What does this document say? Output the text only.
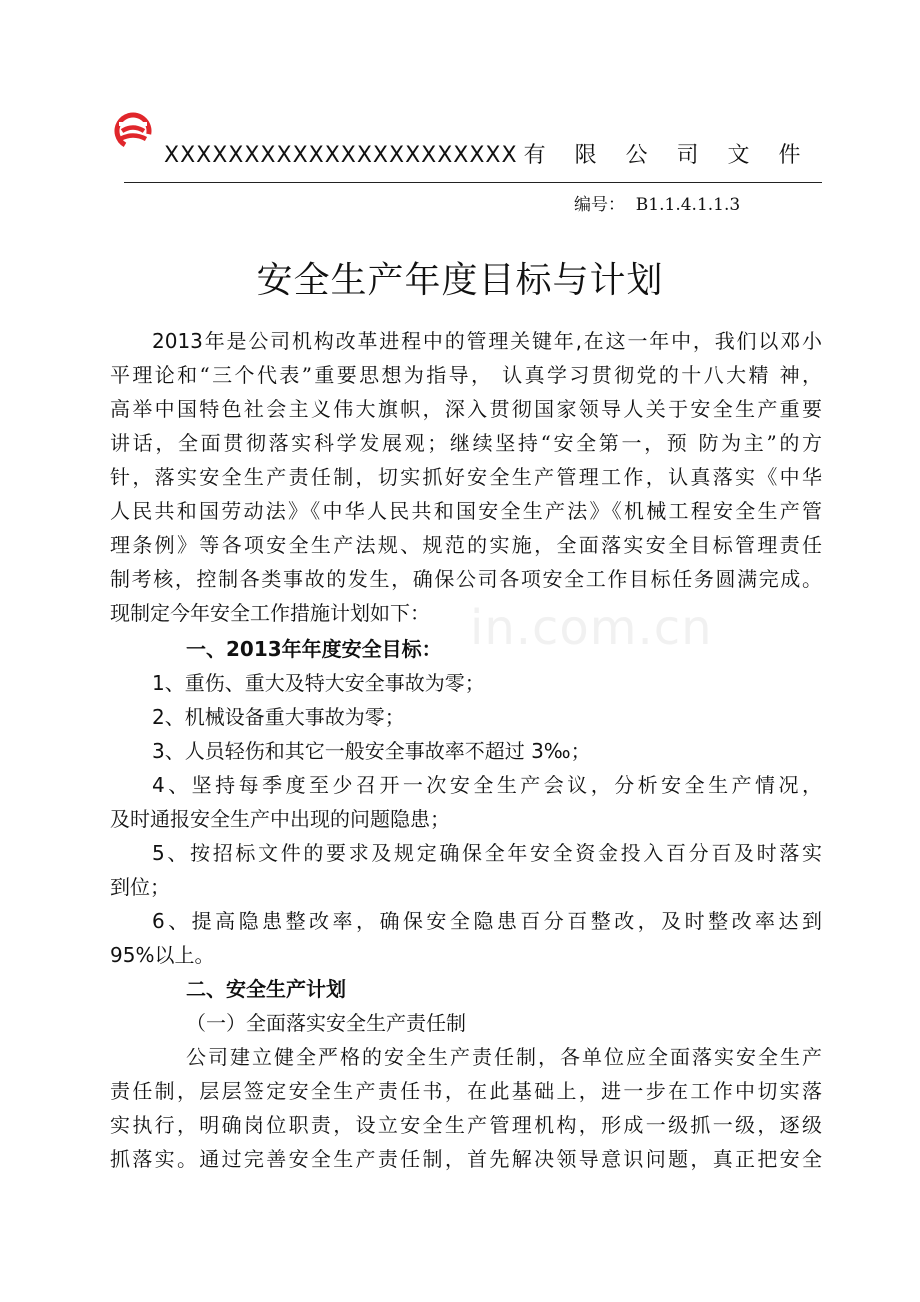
XXXXXXXXXXXXXXXXXXXXXX 有 限 公 司 文 件
编号：  B1.1.4.1.1.3
安全生产年度目标与计划
in.com.cn
2013年是公司机构改革进程中的管理关键年,在这一年中，我们以邓小
平理论和“三个代表”重要思想为指导， 认真学习贯彻党的十八大精 神，
高举中国特色社会主义伟大旗帜，深入贯彻国家领导人关于安全生产重要
讲话，全面贯彻落实科学发展观；继续坚持“安全第一，预 防为主”的方
针，落实安全生产责任制，切实抓好安全生产管理工作，认真落实《中华
人民共和国劳动法》《中华人民共和国安全生产法》《机械工程安全生产管
理条例》等各项安全生产法规、规范的实施，全面落实安全目标管理责任
制考核，控制各类事故的发生，确保公司各项安全工作目标任务圆满完成。
现制定今年安全工作措施计划如下：
一、2013年年度安全目标：
1、重伤、重大及特大安全事故为零；
2、机械设备重大事故为零；
3、人员轻伤和其它一般安全事故率不超过 3‰；
4、坚持每季度至少召开一次安全生产会议，分析安全生产情况，
及时通报安全生产中出现的问题隐患；
5、按招标文件的要求及规定确保全年安全资金投入百分百及时落实
到位；
6、提高隐患整改率，确保安全隐患百分百整改，及时整改率达到
95%以上。
二、安全生产计划
（一）全面落实安全生产责任制
公司建立健全严格的安全生产责任制，各单位应全面落实安全生产
责任制，层层签定安全生产责任书，在此基础上，进一步在工作中切实落
实执行，明确岗位职责，设立安全生产管理机构，形成一级抓一级，逐级
抓落实。通过完善安全生产责任制，首先解决领导意识问题，真正把安全
